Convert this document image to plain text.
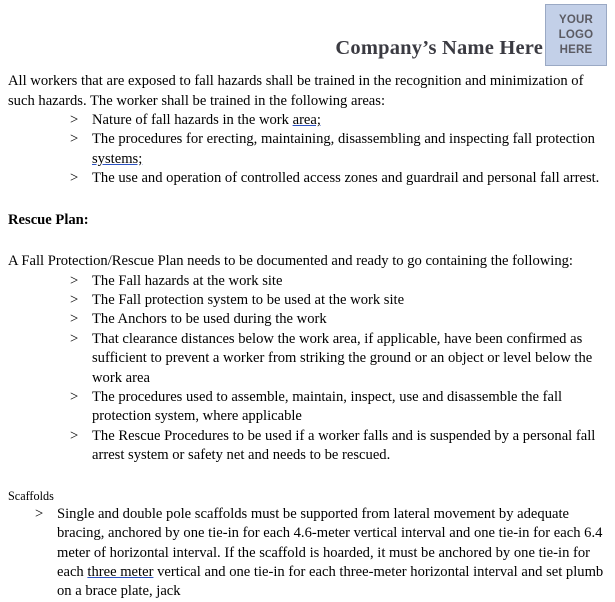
Company’s Name Here
YOUR
LOGO
HERE

All workers that are exposed to fall hazards shall be trained in the recognition and minimization of such hazards. The worker shall be trained in the following areas:

> Nature of fall hazards in the work area;
> The procedures for erecting, maintaining, disassembling and inspecting fall protection systems;
> The use and operation of controlled access zones and guardrail and personal fall arrest.
Rescue Plan:

A Fall Protection/Rescue Plan needs to be documented and ready to go containing the following:

> The Fall hazards at the work site
> The Fall protection system to be used at the work site
> The Anchors to be used during the work
> That clearance distances below the work area, if applicable, have been confirmed as sufficient to prevent a worker from striking the ground or an object or level below the work area
> The procedures used to assemble, maintain, inspect, use and disassemble the fall protection system, where applicable
> The Rescue Procedures to be used if a worker falls and is suspended by a personal fall arrest system or safety net and needs to be rescued.

Scaffolds

> Single and double pole scaffolds must be supported from lateral movement by adequate bracing, anchored by one tie-in for each 4.6-meter vertical interval and one tie-in for each 6.4 meter of horizontal interval. If the scaffold is hoarded, it must be anchored by one tie-in for each three meter vertical and one tie-in for each three-meter horizontal interval and set plumb on a brace plate, jack
